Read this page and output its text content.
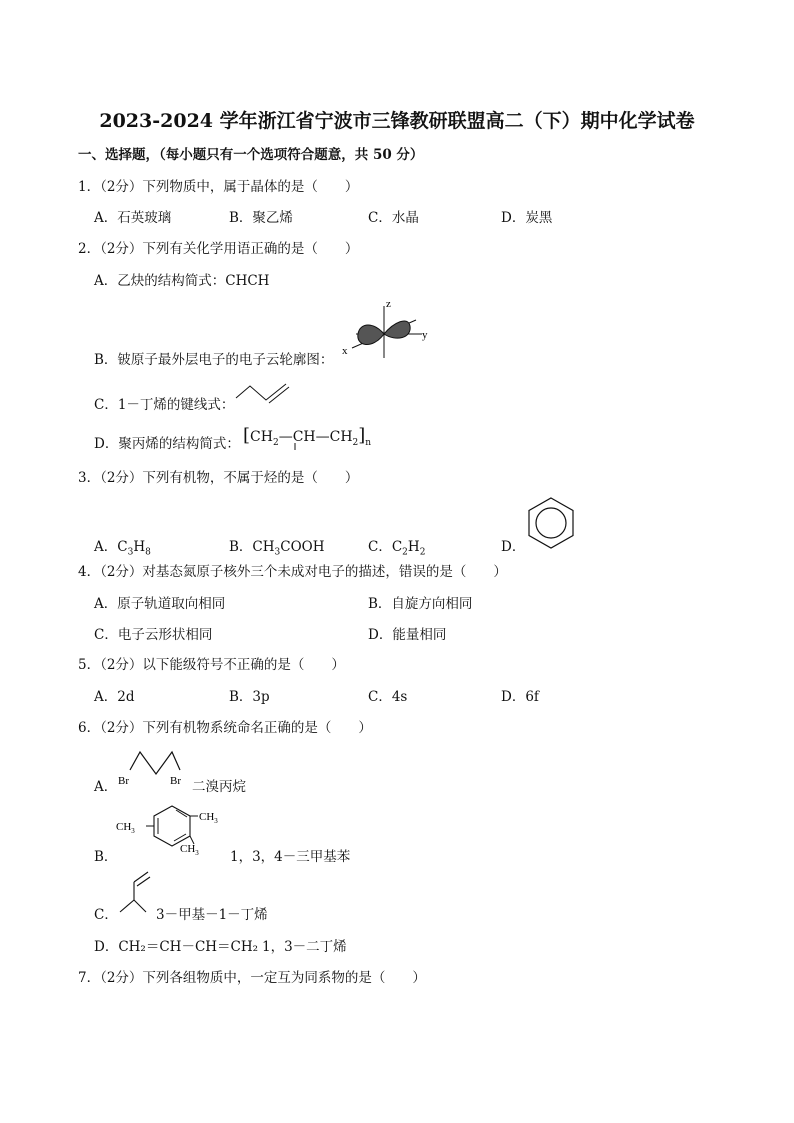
2023-2024 学年浙江省宁波市三锋教研联盟高二（下）期中化学试卷
一、选择题，（每小题只有一个选项符合题意，共 50 分）
1．（2分）下列物质中，属于晶体的是（　　）
A．石英玻璃	B．聚乙烯	C．水晶	D．炭黑
2．（2分）下列有关化学用语正确的是（　　）
A．乙炔的结构简式：CHCH
z
y
x
B．铍原子最外层电子的电子云轮廓图：
C．1－丁烯的键线式：
D．聚丙烯的结构简式： $[CH_2—CH—CH_2]_n$
3．（2分）下列有机物，不属于烃的是（　　）
A．$C_3H_8$	B．$CH_3COOH$	C．$C_2H_2$	D．
4．（2分）对基态氮原子核外三个未成对电子的描述，错误的是（　　）
A．原子轨道取向相同	B．自旋方向相同
C．电子云形状相同	D．能量相同
5．（2分）以下能级符号不正确的是（　　）
A．2d	B．3p	C．4s	D．6f
6．（2分）下列有机物系统命名正确的是（　　）
A． Br	Br 二溴丙烷
B．
$CH_3$
$CH_3$
$CH_3$ 1，3，4－三甲基苯
C．	3－甲基－1－丁烯
D．CH₂＝CH－CH＝CH₂ 1，3－二丁烯
7．（2分）下列各组物质中，一定互为同系物的是（　　）
